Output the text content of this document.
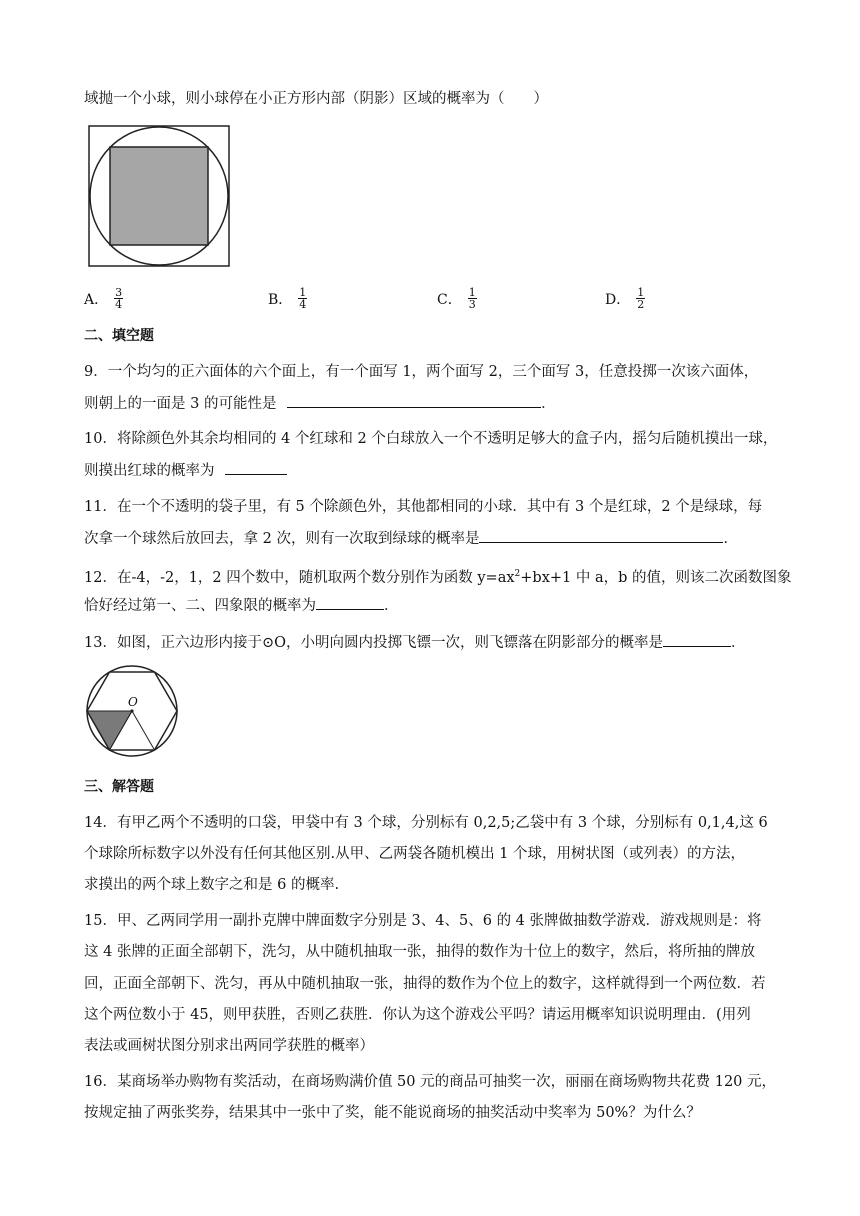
域抛一个小球，则小球停在小正方形内部（阴影）区域的概率为（　　）
A． $\frac{3}{4}$	B． $\frac{1}{4}$	C． $\frac{1}{3}$	D． $\frac{1}{2}$
二、填空题
9．一个均匀的正六面体的六个面上，有一个面写 1，两个面写 2，三个面写 3，任意投掷一次该六面体，
则朝上的一面是 3 的可能性是	．
10．将除颜色外其余均相同的 4 个红球和 2 个白球放入一个不透明足够大的盒子内，摇匀后随机摸出一球，
则摸出红球的概率为
11．在一个不透明的袋子里，有 5 个除颜色外，其他都相同的小球．其中有 3 个是红球，2 个是绿球，每
次拿一个球然后放回去，拿 2 次，则有一次取到绿球的概率是	．
12．在-4，-2，1，2 四个数中，随机取两个数分别作为函数 $y=ax^2+bx+1$ 中 a，b 的值，则该二次函数图象
恰好经过第一、二、四象限的概率为	．
13．如图，正六边形内接于⊙O，小明向圆内投掷飞镖一次，则飞镖落在阴影部分的概率是	．
O
三、解答题
14．有甲乙两个不透明的口袋，甲袋中有 3 个球，分别标有 0,2,5;乙袋中有 3 个球，分别标有 0,1,4,这 6
个球除所标数字以外没有任何其他区别.从甲、乙两袋各随机模出 1 个球，用树状图（或列表）的方法，
求摸出的两个球上数字之和是 6 的概率.
15．甲、乙两同学用一副扑克牌中牌面数字分别是 3、4、5、6 的 4 张牌做抽数学游戏．游戏规则是：将
这 4 张牌的正面全部朝下，洗匀，从中随机抽取一张，抽得的数作为十位上的数字，然后，将所抽的牌放
回，正面全部朝下、洗匀，再从中随机抽取一张，抽得的数作为个位上的数字，这样就得到一个两位数．若
这个两位数小于 45，则甲获胜，否则乙获胜．你认为这个游戏公平吗？请运用概率知识说明理由．(用列
表法或画树状图分别求出两同学获胜的概率）
16．某商场举办购物有奖活动，在商场购满价值 50 元的商品可抽奖一次，丽丽在商场购物共花费 120 元，
按规定抽了两张奖券，结果其中一张中了奖，能不能说商场的抽奖活动中奖率为 50%？为什么？
